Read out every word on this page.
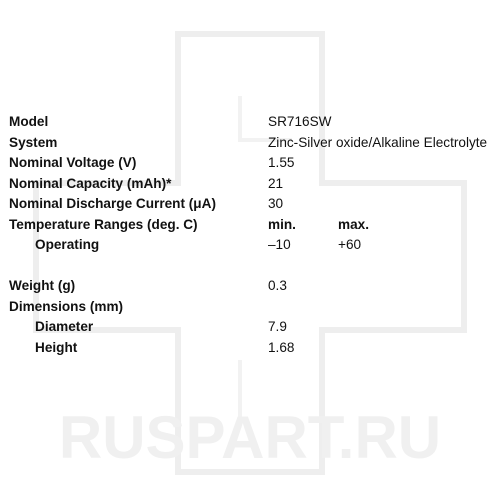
RUSPART.RU
Model	SR716SW
System	Zinc-Silver oxide/Alkaline Electrolyte
Nominal Voltage (V)	1.55
Nominal Capacity (mAh)*	21
Nominal Discharge Current (μA)	30
Temperature Ranges (deg. C)	min.	max.
Operating	–10	+60
Weight (g)	0.3
Dimensions (mm)
Diameter	7.9
Height	1.68
